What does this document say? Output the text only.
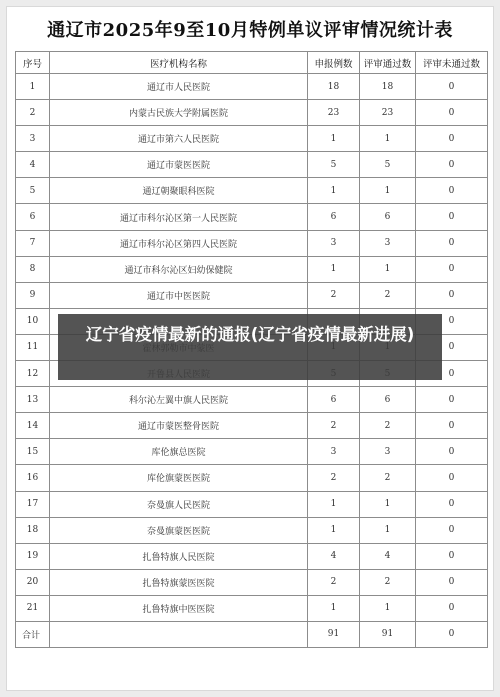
通辽市2025年9至10月特例单议评审情况统计表
序号	医疗机构名称	申报例数	评审通过数	评审未通过数
1	通辽市人民医院	18	18	0
2	内蒙古民族大学附属医院	23	23	0
3	通辽市第六人民医院	1	1	0
4	通辽市蒙医医院	5	5	0
5	通辽朝聚眼科医院	1	1	0
6	通辽市科尔沁区第一人民医院	6	6	0
7	通辽市科尔沁区第四人民医院	3	3	0
8	通辽市科尔沁区妇幼保健院	1	1	0
9	通辽市中医医院	2	2	0
10				0
11				0
12				0
13	科尔沁左翼中旗人民医院	6	6	0
14	通辽市蒙医整骨医院	2	2	0
15	库伦旗总医院	3	3	0
16	库伦旗蒙医医院	2	2	0
17	奈曼旗人民医院	1	1	0
18	奈曼旗蒙医医院	1	1	0
19	扎鲁特旗人民医院	4	4	0
20	扎鲁特旗蒙医医院	2	2	0
21	扎鲁特旗中医医院	1	1	0
合计		91	91	0
辽宁省疫情最新的通报(辽宁省疫情最新进展)
